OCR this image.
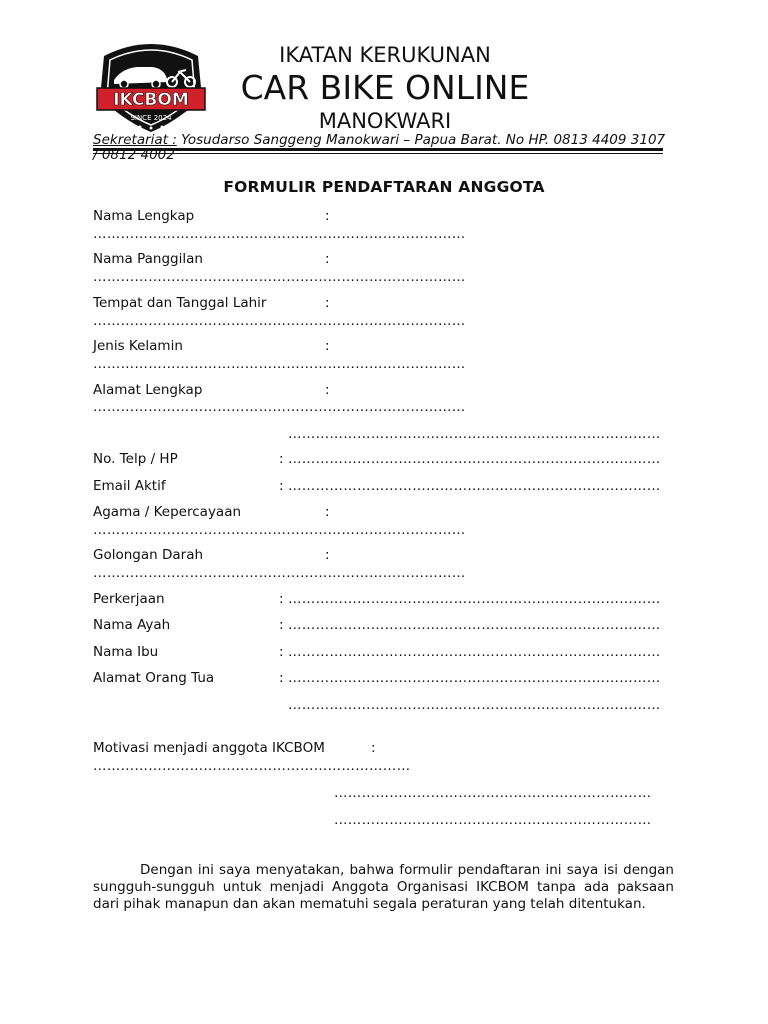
IKCBOM
SINCE 2024
IKATAN KERUKUNAN
CAR BIKE ONLINE
MANOKWARI
Sekretariat : Yosudarso Sanggeng Manokwari – Papua Barat. No HP. 0813 4409 3107 / 0812 4002
FORMULIR PENDAFTARAN ANGGOTA
Nama Lengkap	:
………………………………………………………………………
Nama Panggilan	:
………………………………………………………………………
Tempat dan Tanggal Lahir	:
………………………………………………………………………
Jenis Kelamin	:
………………………………………………………………………
Alamat Lengkap	:
………………………………………………………………………
………………………………………………………………………
No. Telp / HP	: ………………………………………………………………………
Email Aktif	: ………………………………………………………………………
Agama / Kepercayaan	:
………………………………………………………………………
Golongan Darah	:
………………………………………………………………………
Perkerjaan	: ………………………………………………………………………
Nama Ayah	: ………………………………………………………………………
Nama Ibu	: ………………………………………………………………………
Alamat Orang Tua	: ………………………………………………………………………
………………………………………………………………………
Motivasi menjadi anggota IKCBOM	:
……………………………………………………………
……………………………………………………………
……………………………………………………………
Dengan ini saya menyatakan, bahwa formulir pendaftaran ini saya isi dengan sungguh-sungguh untuk menjadi Anggota Organisasi IKCBOM tanpa ada paksaan dari pihak manapun dan akan mematuhi segala peraturan yang telah ditentukan.
